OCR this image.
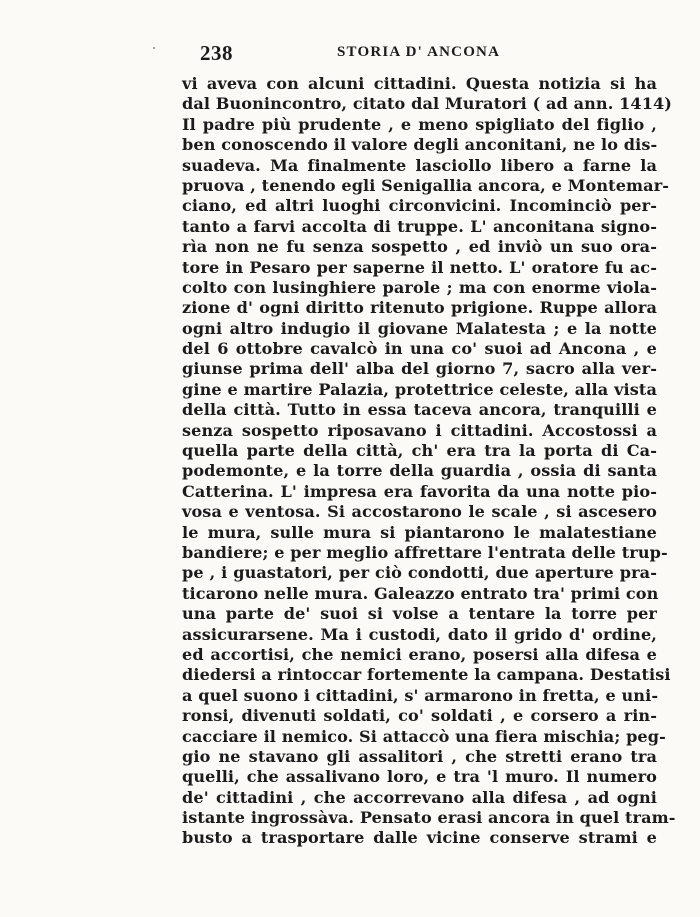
238	STORIA D' ANCONA
vi aveva con alcuni cittadini. Questa notizia si ha
dal Buonincontro, citato dal Muratori ( ad ann. 1414)
Il padre più prudente , e meno spigliato del figlio ,
ben conoscendo il valore degli anconitani, ne lo dis-
suadeva. Ma finalmente lasciollo libero a farne la
pruova , tenendo egli Senigallia ancora, e Montemar-
ciano, ed altri luoghi circonvicini. Incominciò per-
tanto a farvi accolta di truppe. L' anconitana signo-
rìa non ne fu senza sospetto , ed inviò un suo ora-
tore in Pesaro per saperne il netto. L' oratore fu ac-
colto con lusinghiere parole ; ma con enorme viola-
zione d' ogni diritto ritenuto prigione. Ruppe allora
ogni altro indugio il giovane Malatesta ; e la notte
del 6 ottobre cavalcò in una co' suoi ad Ancona , e
giunse prima dell' alba del giorno 7, sacro alla ver-
gine e martire Palazia, protettrice celeste, alla vista
della città. Tutto in essa taceva ancora, tranquilli e
senza sospetto riposavano i cittadini. Accostossi a
quella parte della città, ch' era tra la porta di Ca-
podemonte, e la torre della guardia , ossia di santa
Catterina. L' impresa era favorita da una notte pio-
vosa e ventosa. Si accostarono le scale , si ascesero
le mura, sulle mura si piantarono le malatestiane
bandiere; e per meglio affrettare l'entrata delle trup-
pe , i guastatori, per ciò condotti, due aperture pra-
ticarono nelle mura. Galeazzo entrato tra' primi con
una parte de' suoi si volse a tentare la torre per
assicurarsene. Ma i custodi, dato il grido d' ordine,
ed accortisi, che nemici erano, posersi alla difesa e
diedersi a rintoccar fortemente la campana. Destatisi
a quel suono i cittadini, s' armarono in fretta, e uni-
ronsi, divenuti soldati, co' soldati , e corsero a rin-
cacciare il nemico. Si attaccò una fiera mischia; peg-
gio ne stavano gli assalitori , che stretti erano tra
quelli, che assalivano loro, e tra 'l muro. Il numero
de' cittadini , che accorrevano alla difesa , ad ogni
istante ingrossàva. Pensato erasi ancora in quel tram-
busto a trasportare dalle vicine conserve strami e
